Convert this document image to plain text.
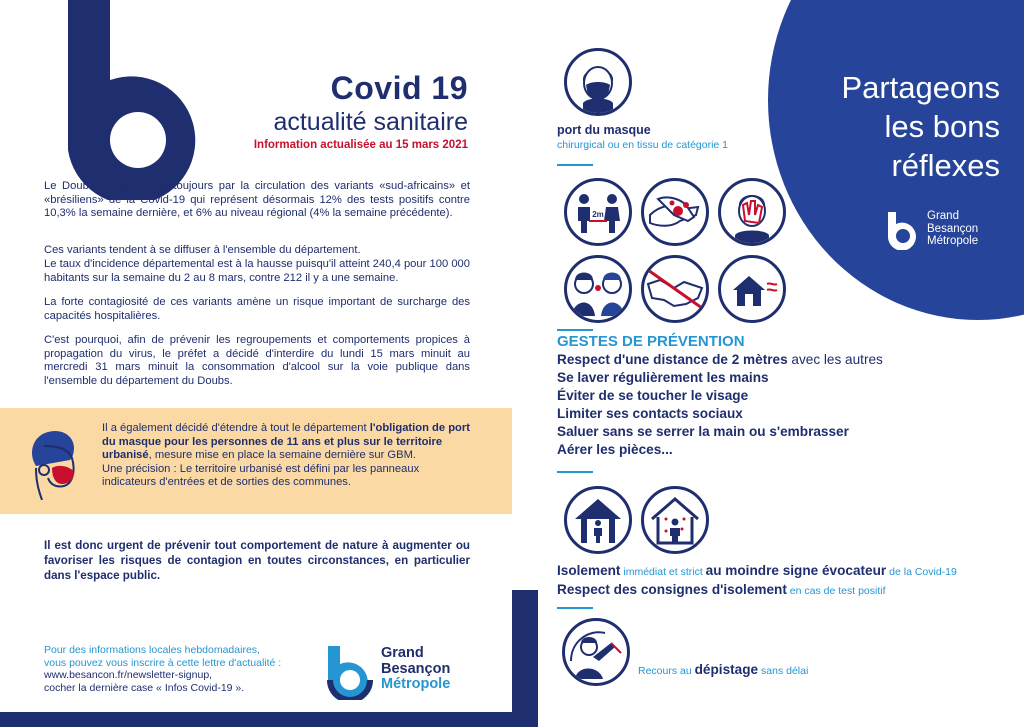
Covid 19
actualité sanitaire
Information actualisée au 15 mars 2021
Le Doubs se démarque toujours par la circulation des variants «sud-africains» et «brésiliens» de la Covid-19 qui représent désormais 12% des tests positifs contre 10,3% la semaine dernière, et 6% au niveau régional (4% la semaine précédente).
Ces variants tendent à se diffuser à l'ensemble du département.
Le taux d'incidence départemental est à la hausse puisqu'il atteint 240,4 pour 100 000 habitants sur la semaine du 2 au 8 mars, contre 212 il y a une semaine.
La forte contagiosité de ces variants amène un risque important de surcharge des capacités hospitalières.
C'est pourquoi, afin de prévenir les regroupements et comportements propices à propagation du virus, le préfet a décidé d'interdire du lundi 15 mars minuit au mercredi 31 mars minuit la consommation d'alcool sur la voie publique dans l'ensemble du département du Doubs.
Il a également décidé d'étendre à tout le département l'obligation de port du masque pour les personnes de 11 ans et plus sur le territoire urbanisé, mesure mise en place la semaine dernière sur GBM.
Une précision : Le territoire urbanisé est défini par les panneaux indicateurs d'entrées et de sorties des communes.
Il est donc urgent de prévenir tout comportement de nature à augmenter ou favoriser les risques de contagion en toutes circonstances, en particulier dans l'espace public.
Pour des informations locales hebdomadaires,
vous pouvez vous inscrire à cette lettre d'actualité :
www.besancon.fr/newsletter-signup,
cocher la dernière case « Infos Covid-19 ».
Grand
Besançon
Métropole
Partageons
les bons
réflexes
Grand
Besançon
Métropole
port du masque
chirurgical ou en tissu de catégorie 1
2m
GESTES DE PRÉVENTION
Respect d'une distance de 2 mètres avec les autres
Se laver régulièrement les mains
Éviter de se toucher le visage
Limiter ses contacts sociaux
Saluer sans se serrer la main ou s'embrasser
Aérer les pièces...
Isolement immédiat et strict au moindre signe évocateur de la Covid-19
Respect des consignes d'isolement en cas de test positif
Recours au dépistage sans délai
